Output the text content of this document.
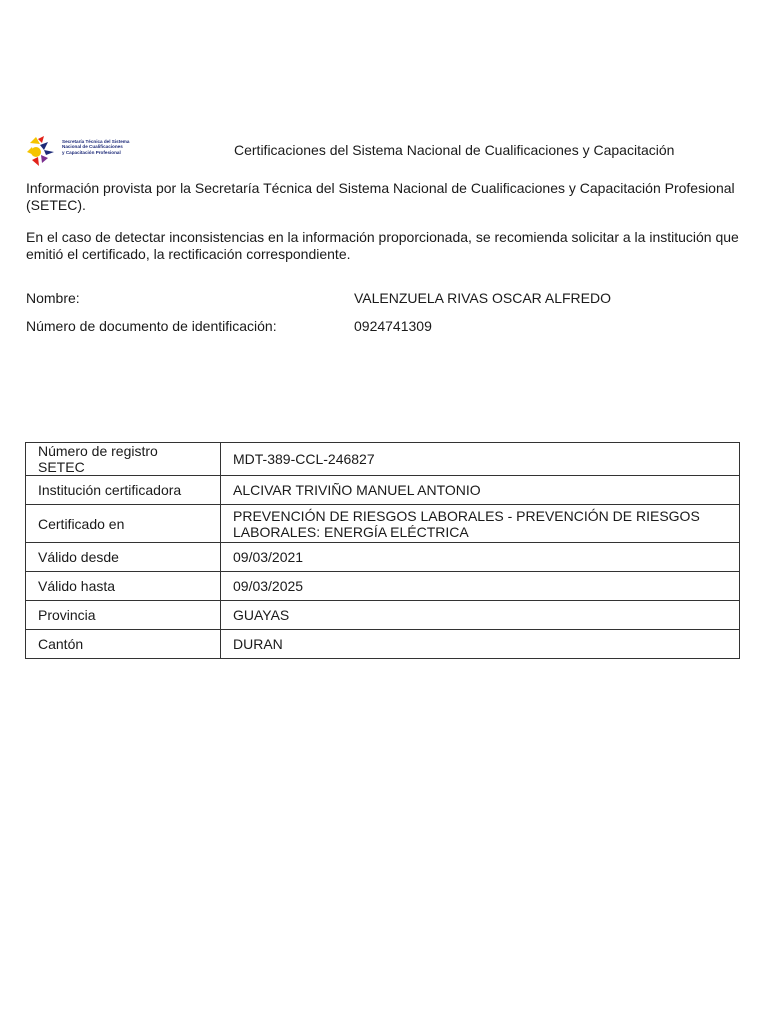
Secretaría Técnica del Sistema
Nacional de Cualificaciones
y Capacitación Profesional	Certificaciones del Sistema Nacional de Cualificaciones y Capacitación
Información provista por la Secretaría Técnica del Sistema Nacional de Cualificaciones y Capacitación Profesional (SETEC).
En el caso de detectar inconsistencias en la información proporcionada, se recomienda solicitar a la institución que emitió el certificado, la rectificación correspondiente.
Nombre:	VALENZUELA RIVAS OSCAR ALFREDO
Número de documento de identificación:	0924741309
Número de registro SETEC	MDT-389-CCL-246827
Institución certificadora	ALCIVAR TRIVIÑO MANUEL ANTONIO
Certificado en	PREVENCIÓN DE RIESGOS LABORALES - PREVENCIÓN DE RIESGOS LABORALES: ENERGÍA ELÉCTRICA
Válido desde	09/03/2021
Válido hasta	09/03/2025
Provincia	GUAYAS
Cantón	DURAN
